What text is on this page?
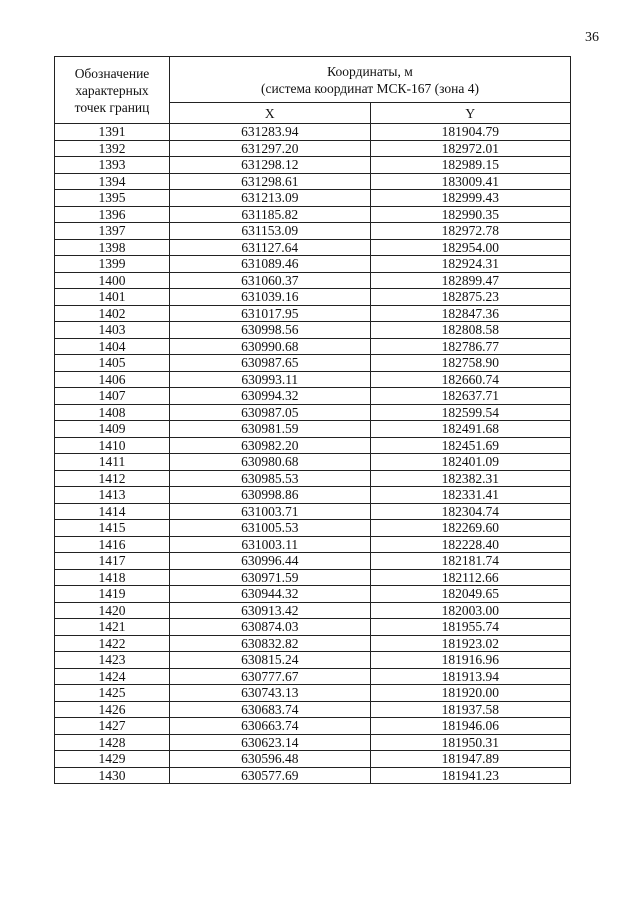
36
Обозначение
характерных
точек границ	Координаты, м
(система координат МСК-167 (зона 4)	

	X	Y
1391	631283.94	181904.79
1392	631297.20	182972.01
1393	631298.12	182989.15
1394	631298.61	183009.41
1395	631213.09	182999.43
1396	631185.82	182990.35
1397	631153.09	182972.78
1398	631127.64	182954.00
1399	631089.46	182924.31
1400	631060.37	182899.47
1401	631039.16	182875.23
1402	631017.95	182847.36
1403	630998.56	182808.58
1404	630990.68	182786.77
1405	630987.65	182758.90
1406	630993.11	182660.74
1407	630994.32	182637.71
1408	630987.05	182599.54
1409	630981.59	182491.68
1410	630982.20	182451.69
1411	630980.68	182401.09
1412	630985.53	182382.31
1413	630998.86	182331.41
1414	631003.71	182304.74
1415	631005.53	182269.60
1416	631003.11	182228.40
1417	630996.44	182181.74
1418	630971.59	182112.66
1419	630944.32	182049.65
1420	630913.42	182003.00
1421	630874.03	181955.74
1422	630832.82	181923.02
1423	630815.24	181916.96
1424	630777.67	181913.94
1425	630743.13	181920.00
1426	630683.74	181937.58
1427	630663.74	181946.06
1428	630623.14	181950.31
1429	630596.48	181947.89
1430	630577.69	181941.23
